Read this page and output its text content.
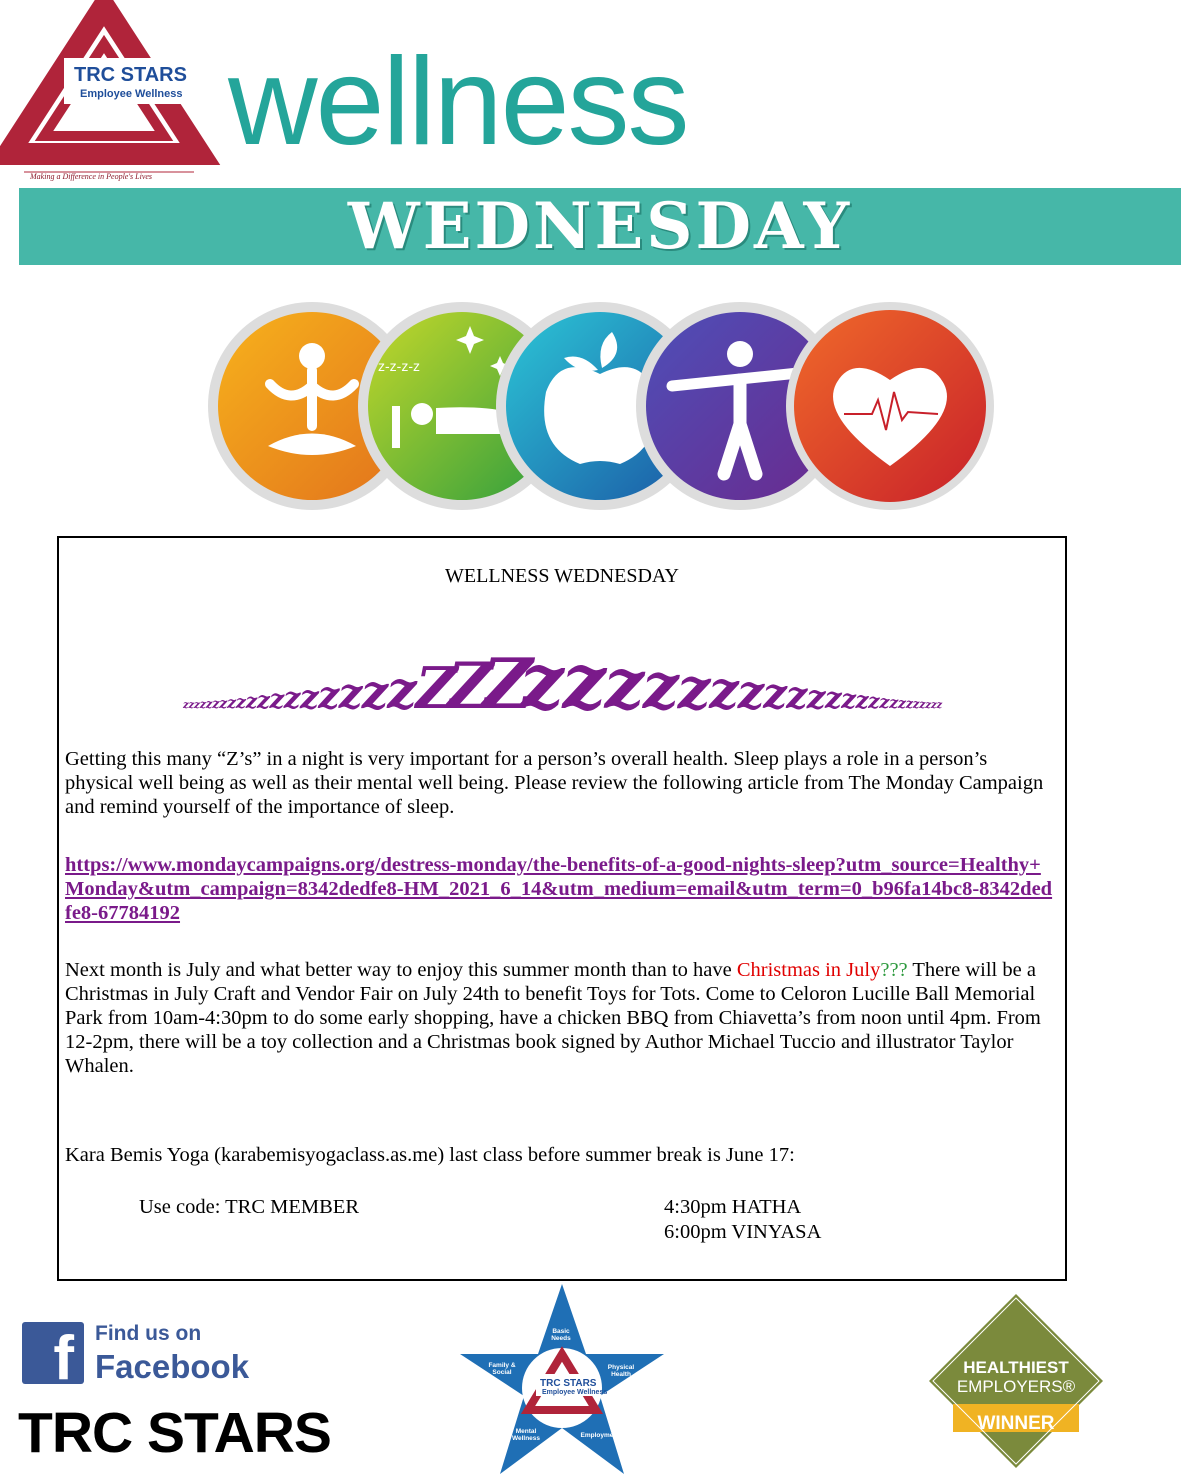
TRC STARS
Employee Wellness
Making a Difference in People's Lives
wellness
WEDNESDAY
z-z-z-z
WELLNESS WEDNESDAY
z z z z z z z z z z z z z z z z z z
Z
Z
Z
z
z
z
z
z z
z z z z z z z z z z z z z z z z z
Getting this many “Z’s” in a night is very important for a person’s overall health. Sleep plays a role in a person’s physical well being as well as their mental well being. Please review the following article from The Monday Campaign and remind yourself of the importance of sleep.
https://www.mondaycampaigns.org/destress-monday/the-benefits-of-a-good-nights-sleep?utm_source=Healthy+Monday&utm_campaign=8342dedfe8-HM_2021_6_14&utm_medium=email&utm_term=0_b96fa14bc8-8342dedfe8-67784192
Next month is July and what better way to enjoy this summer month than to have Christmas in July??? There will be a Christmas in July Craft and Vendor Fair on July 24th to benefit Toys for Tots. Come to Celoron Lucille Ball Memorial Park from 10am-4:30pm to do some early shopping, have a chicken BBQ from Chiavetta’s from noon until 4pm. From 12-2pm, there will be a toy collection and a Christmas book signed by Author Michael Tuccio and illustrator Taylor Whalen.
Kara Bemis Yoga (karabemisyogaclass.as.me) last class before summer break is June 17:
Use code: TRC MEMBER	4:30pm HATHA
6:00pm VINYASA
f	Find us on
Facebook
TRC STARS
Basic Needs
Physical Health
Employment
Mental Wellness
Family & Social
TRC STARS
Employee Wellness
HEALTHIEST
EMPLOYERS®
WINNER
